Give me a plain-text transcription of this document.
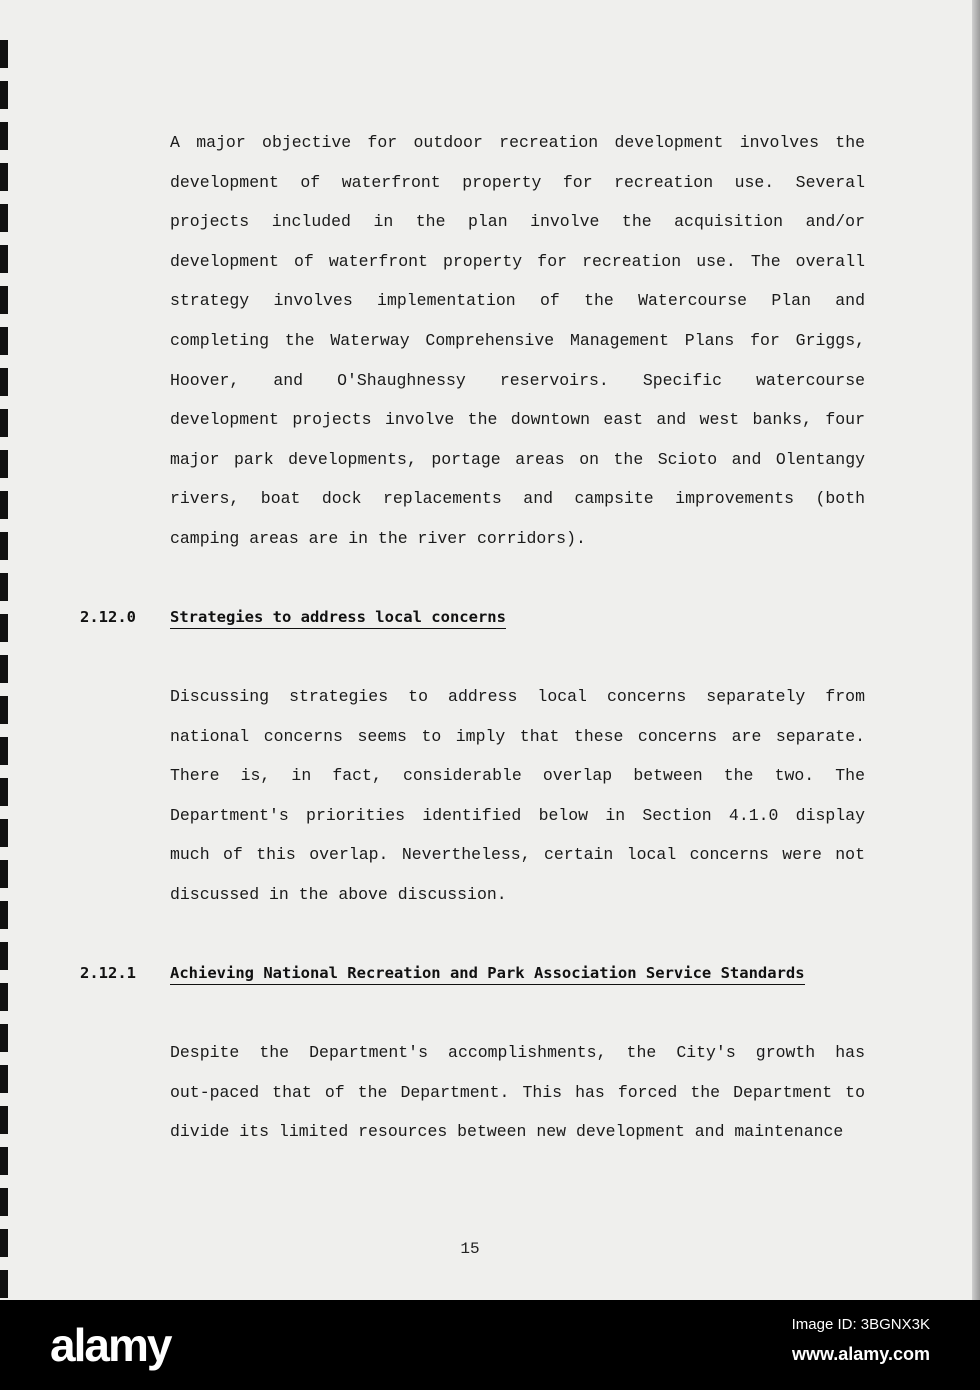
A major objective for outdoor recreation development involves the
development of waterfront property for recreation use. Several
projects included in the plan involve the acquisition and/or
development of waterfront property for recreation use. The overall
strategy involves implementation of the Watercourse Plan and
completing the Waterway Comprehensive Management Plans for Griggs,
Hoover, and O'Shaughnessy reservoirs. Specific watercourse
development projects involve the downtown east and west banks, four
major park developments, portage areas on the Scioto and Olentangy
rivers, boat dock replacements and campsite improvements (both
camping areas are in the river corridors).
2.12.0 Strategies to address local concerns
Discussing strategies to address local concerns separately from
national concerns seems to imply that these concerns are separate.
There is, in fact, considerable overlap between the two. The
Department's priorities identified below in Section 4.1.0 display
much of this overlap. Nevertheless, certain local concerns were not
discussed in the above discussion.
2.12.1 Achieving National Recreation and Park Association Service Standards
Despite the Department's accomplishments, the City's growth has
out-paced that of the Department. This has forced the Department to
divide its limited resources between new development and maintenance
15
alamy	Image ID: 3BGNX3K
www.alamy.com
